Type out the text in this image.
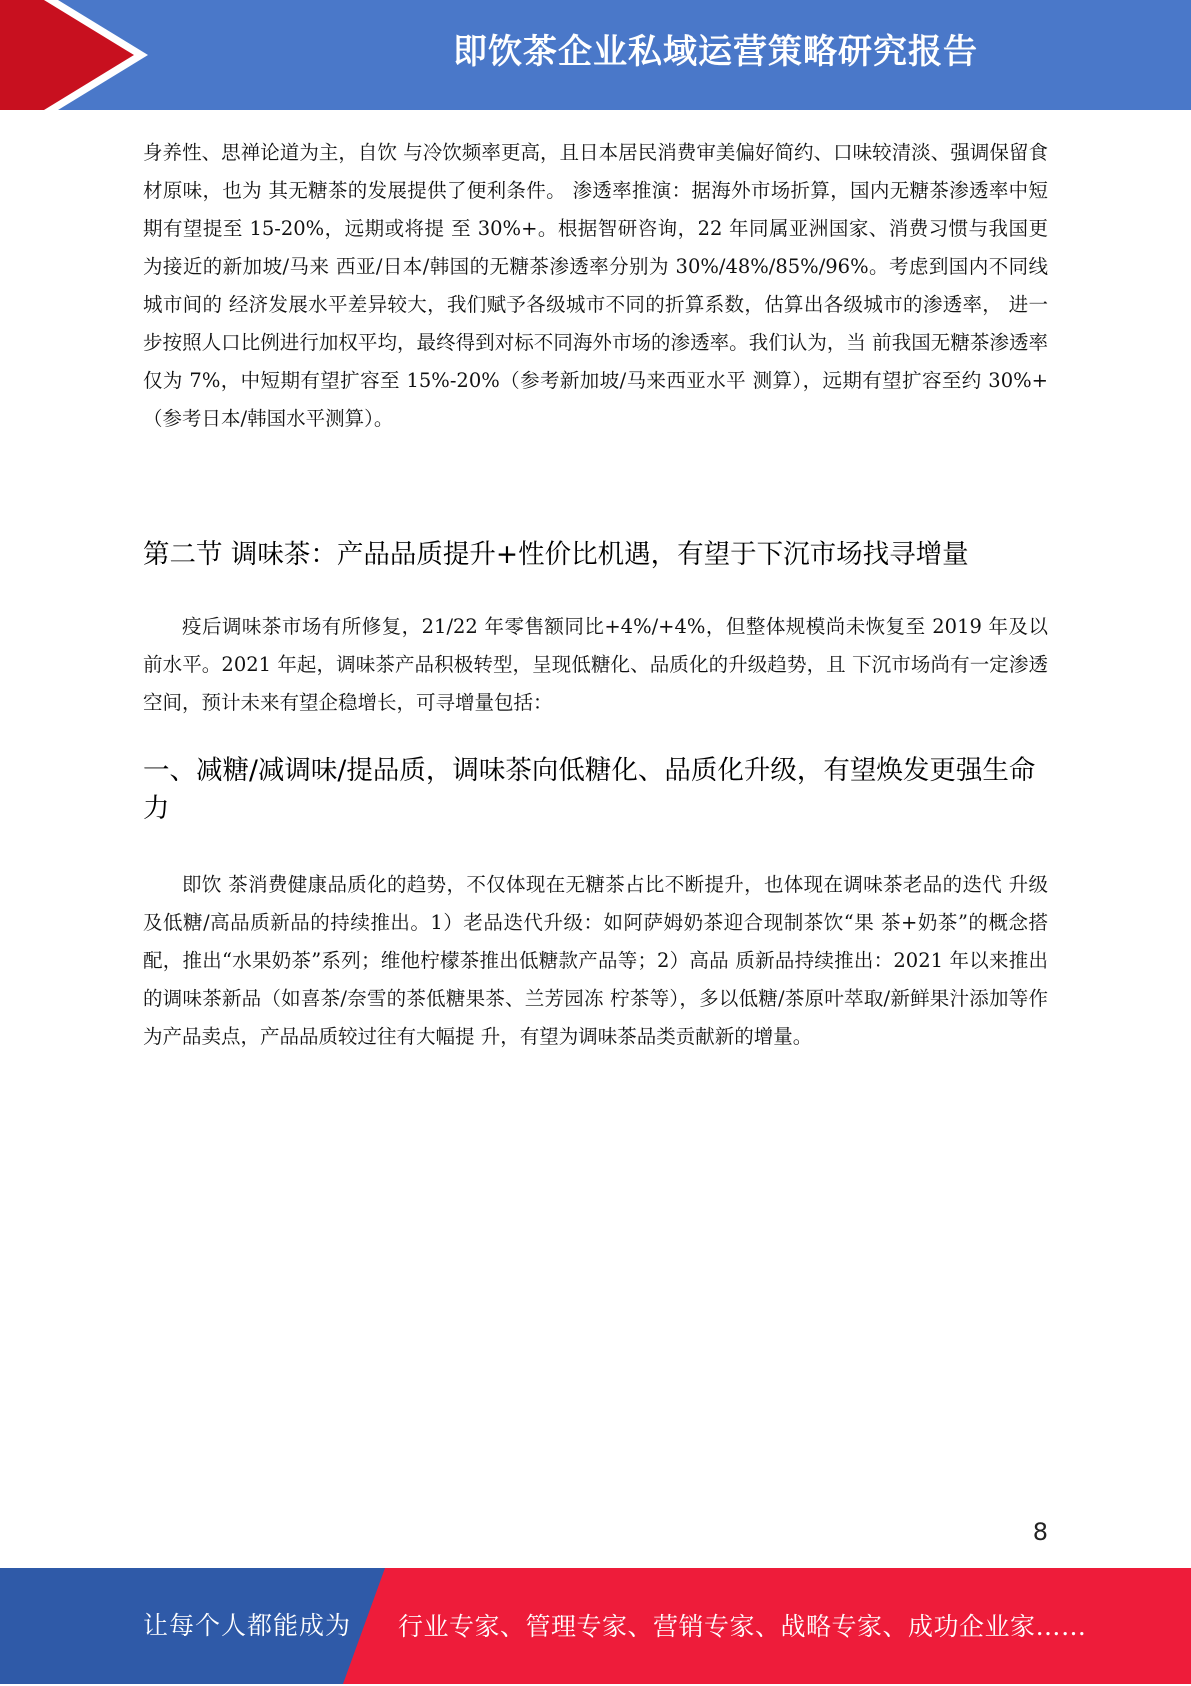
即饮茶企业私域运营策略研究报告

身养性、思禅论道为主，自饮 与冷饮频率更高，且日本居民消费审美偏好简约、口味较清淡、强调保留食材原味，也为 其无糖茶的发展提供了便利条件。 渗透率推演：据海外市场折算，国内无糖茶渗透率中短期有望提至 15-20%，远期或将提 至 30%+。根据智研咨询，22 年同属亚洲国家、消费习惯与我国更为接近的新加坡/马来 西亚/日本/韩国的无糖茶渗透率分别为 30%/48%/85%/96%。考虑到国内不同线城市间的 经济发展水平差异较大，我们赋予各级城市不同的折算系数，估算出各级城市的渗透率， 进一步按照人口比例进行加权平均，最终得到对标不同海外市场的渗透率。我们认为，当 前我国无糖茶渗透率仅为 7%，中短期有望扩容至 15%-20%（参考新加坡/马来西亚水平 测算），远期有望扩容至约 30%+（参考日本/韩国水平测算）。

第二节 调味茶：产品品质提升+性价比机遇，有望于下沉市场找寻增量

疫后调味茶市场有所修复，21/22 年零售额同比+4%/+4%，但整体规模尚未恢复至 2019 年及以前水平。2021 年起，调味茶产品积极转型，呈现低糖化、品质化的升级趋势，且 下沉市场尚有一定渗透空间，预计未来有望企稳增长，可寻增量包括：

一、减糖/减调味/提品质，调味茶向低糖化、品质化升级，有望焕发更强生命力

即饮 茶消费健康品质化的趋势，不仅体现在无糖茶占比不断提升，也体现在调味茶老品的迭代 升级及低糖/高品质新品的持续推出。1）老品迭代升级：如阿萨姆奶茶迎合现制茶饮“果 茶+奶茶”的概念搭配，推出“水果奶茶”系列；维他柠檬茶推出低糖款产品等；2）高品 质新品持续推出：2021 年以来推出的调味茶新品（如喜茶/奈雪的茶低糖果茶、兰芳园冻 柠茶等），多以低糖/茶原叶萃取/新鲜果汁添加等作为产品卖点，产品品质较过往有大幅提 升，有望为调味茶品类贡献新的增量。

8
让每个人都能成为 行业专家、管理专家、营销专家、战略专家、成功企业家……
